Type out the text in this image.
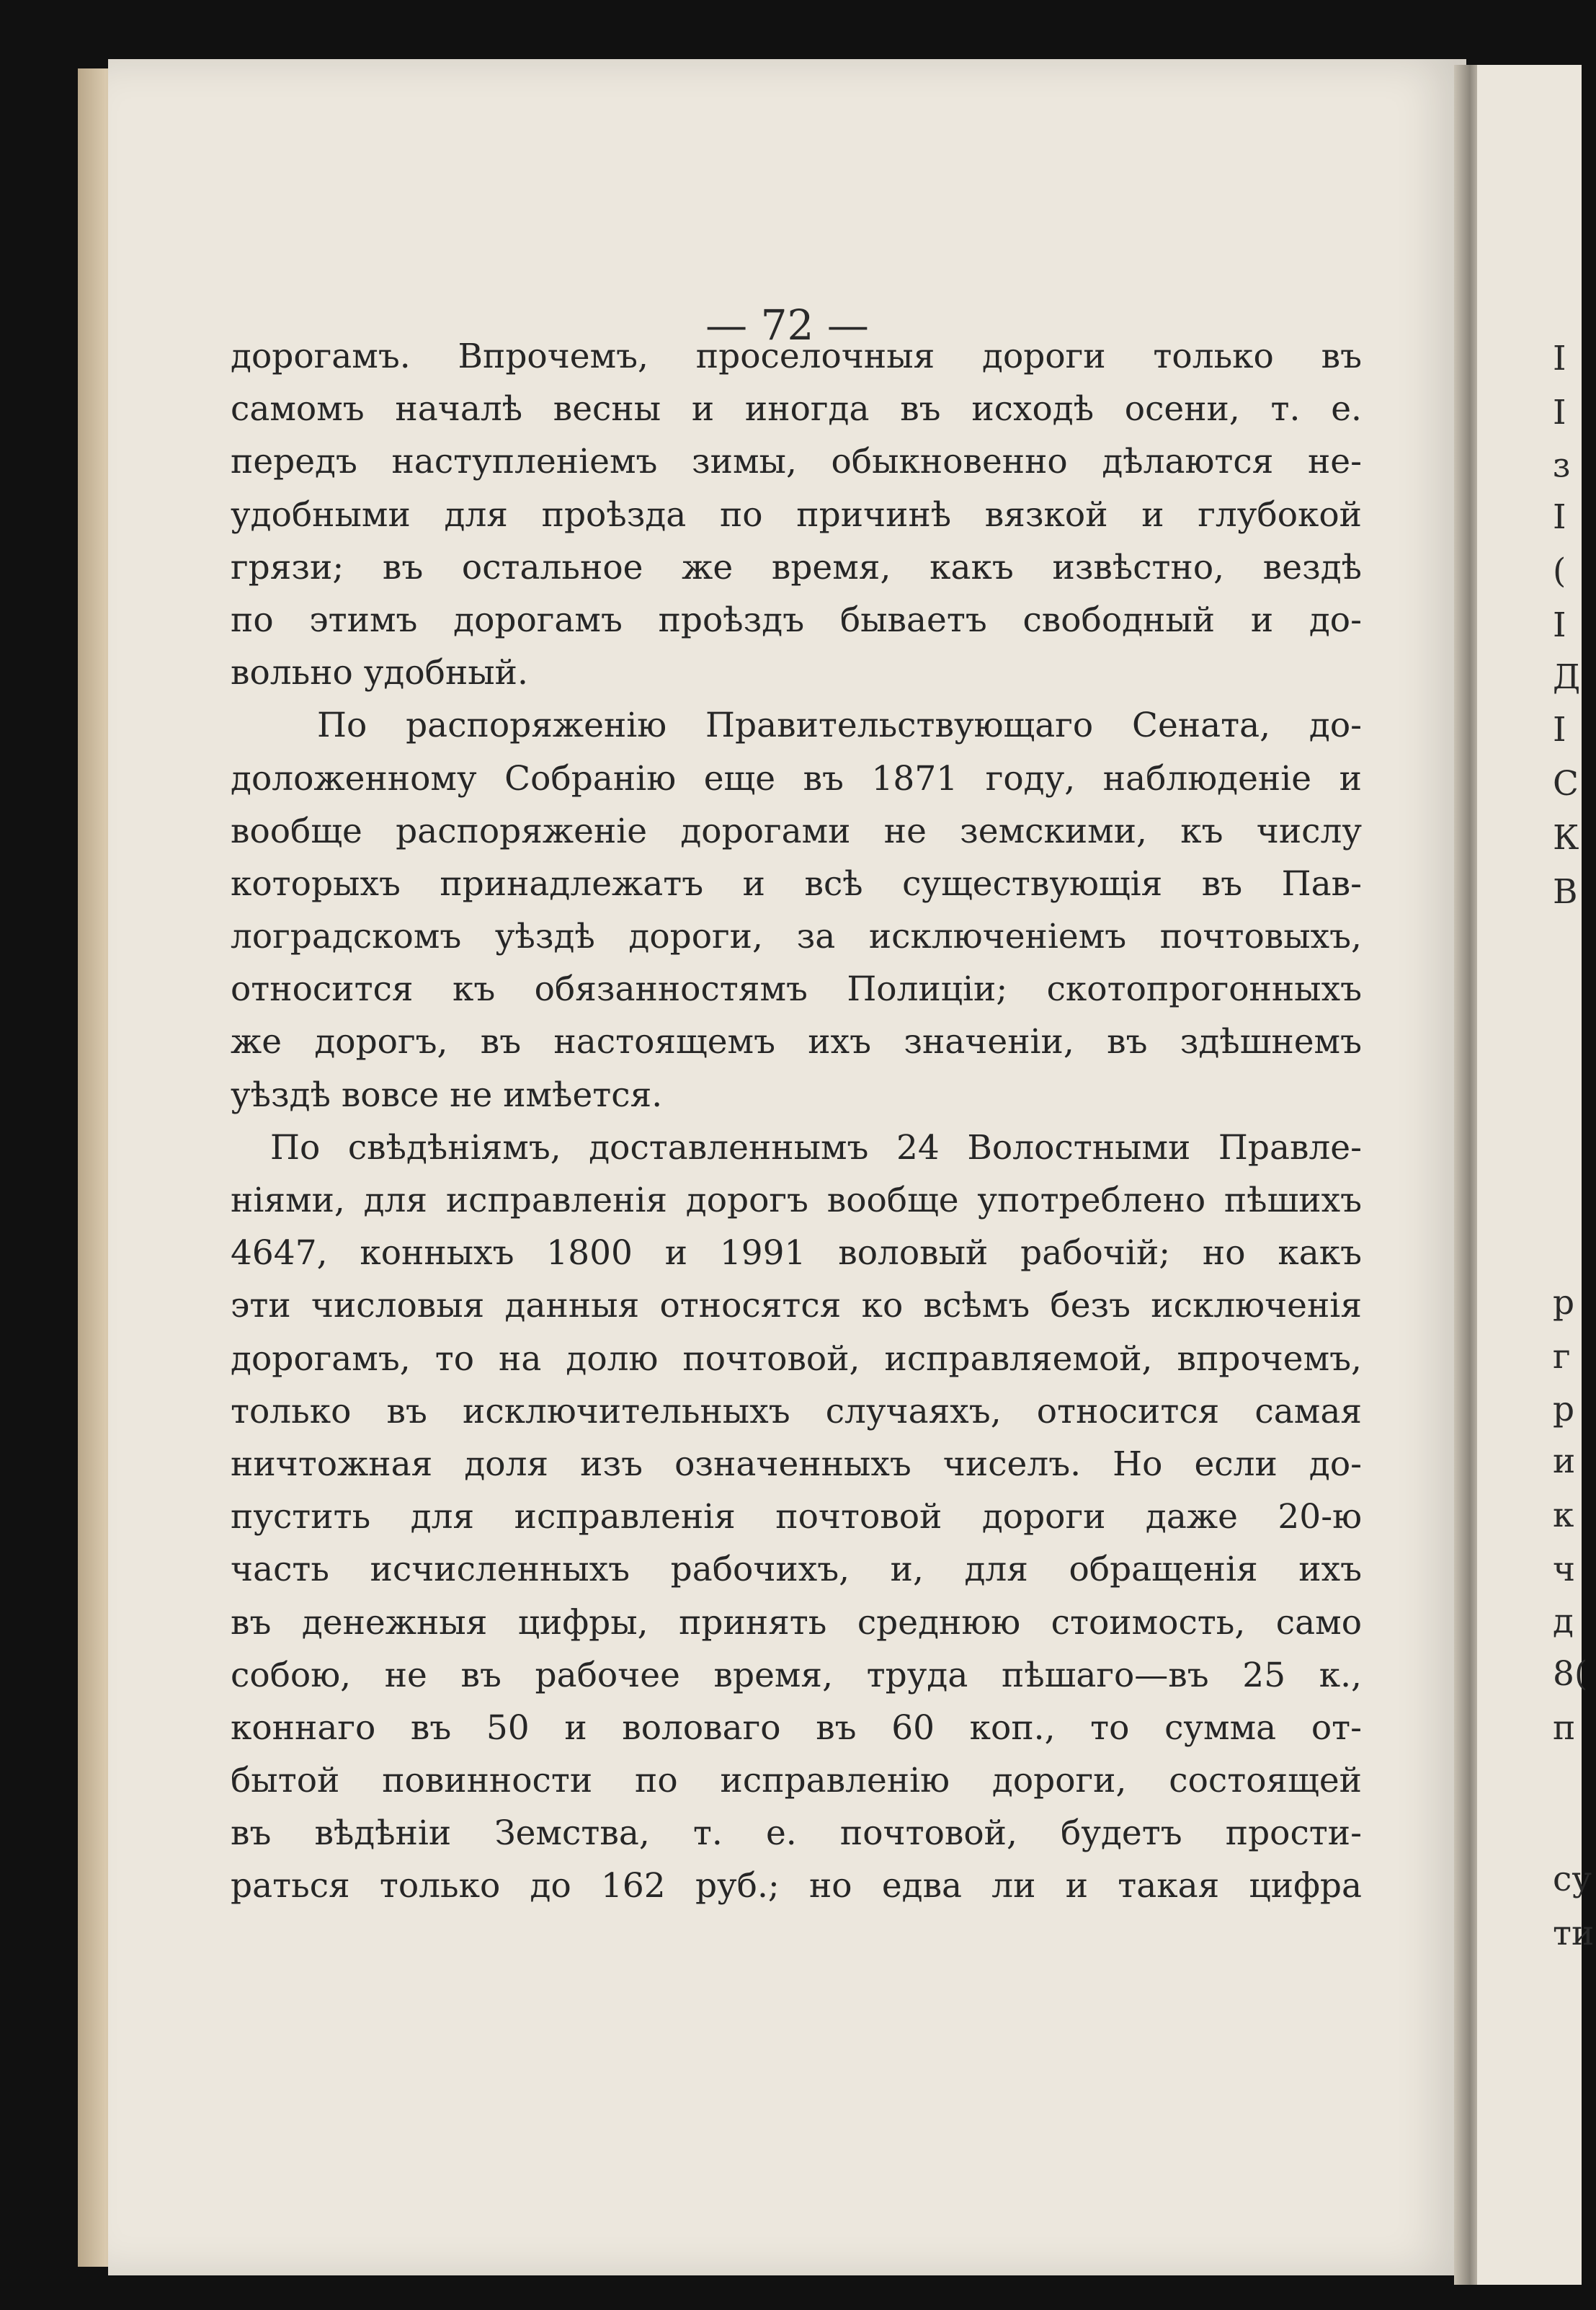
— 72 —
дорогамъ. Впрочемъ, проселочныя дороги только въ
самомъ началѣ весны и иногда въ исходѣ осени, т. е.
передъ наступленіемъ зимы, обыкновенно дѣлаются не-
удобными для проѣзда по причинѣ вязкой и глубокой
грязи; въ остальное же время, какъ извѣстно, вездѣ
по этимъ дорогамъ проѣздъ бываетъ свободный и до-
вольно удобный.
По распоряженію Правительствующаго Сената, до-
доложенному Собранію еще въ 1871 году, наблюденіе и
вообще распоряженіе дорогами не земскими, къ числу
которыхъ принадлежатъ и всѣ существующія въ Пав-
лоградскомъ уѣздѣ дороги, за исключеніемъ почтовыхъ,
относится къ обязанностямъ Полиціи; скотопрогонныхъ
же дорогъ, въ настоящемъ ихъ значеніи, въ здѣшнемъ
уѣздѣ вовсе не имѣется.
По свѣдѣніямъ, доставленнымъ 24 Волостными Правле-
ніями, для исправленія дорогъ вообще употреблено пѣшихъ
4647, конныхъ 1800 и 1991 воловый рабочій; но какъ
эти числовыя данныя относятся ко всѣмъ безъ исключенія
дорогамъ, то на долю почтовой, исправляемой, впрочемъ,
только въ исключительныхъ случаяхъ, относится самая
ничтожная доля изъ означенныхъ чиселъ. Но если до-
пустить для исправленія почтовой дороги даже 20-ю
часть исчисленныхъ рабочихъ, и, для обращенія ихъ
въ денежныя цифры, принять среднюю стоимость, само
собою, не въ рабочее время, труда пѣшаго—въ 25 к.,
коннаго въ 50 и воловаго въ 60 коп., то сумма от-
бытой повинности по исправленію дороги, состоящей
въ вѣдѣніи Земства, т. е. почтовой, будетъ прости-
раться только до 162 руб.; но едва ли и такая цифра
І
І
ɜ
І
(
І
Д
І
С
К
В
р
г
р
и
к
ч
д
8(
п
су
ти
